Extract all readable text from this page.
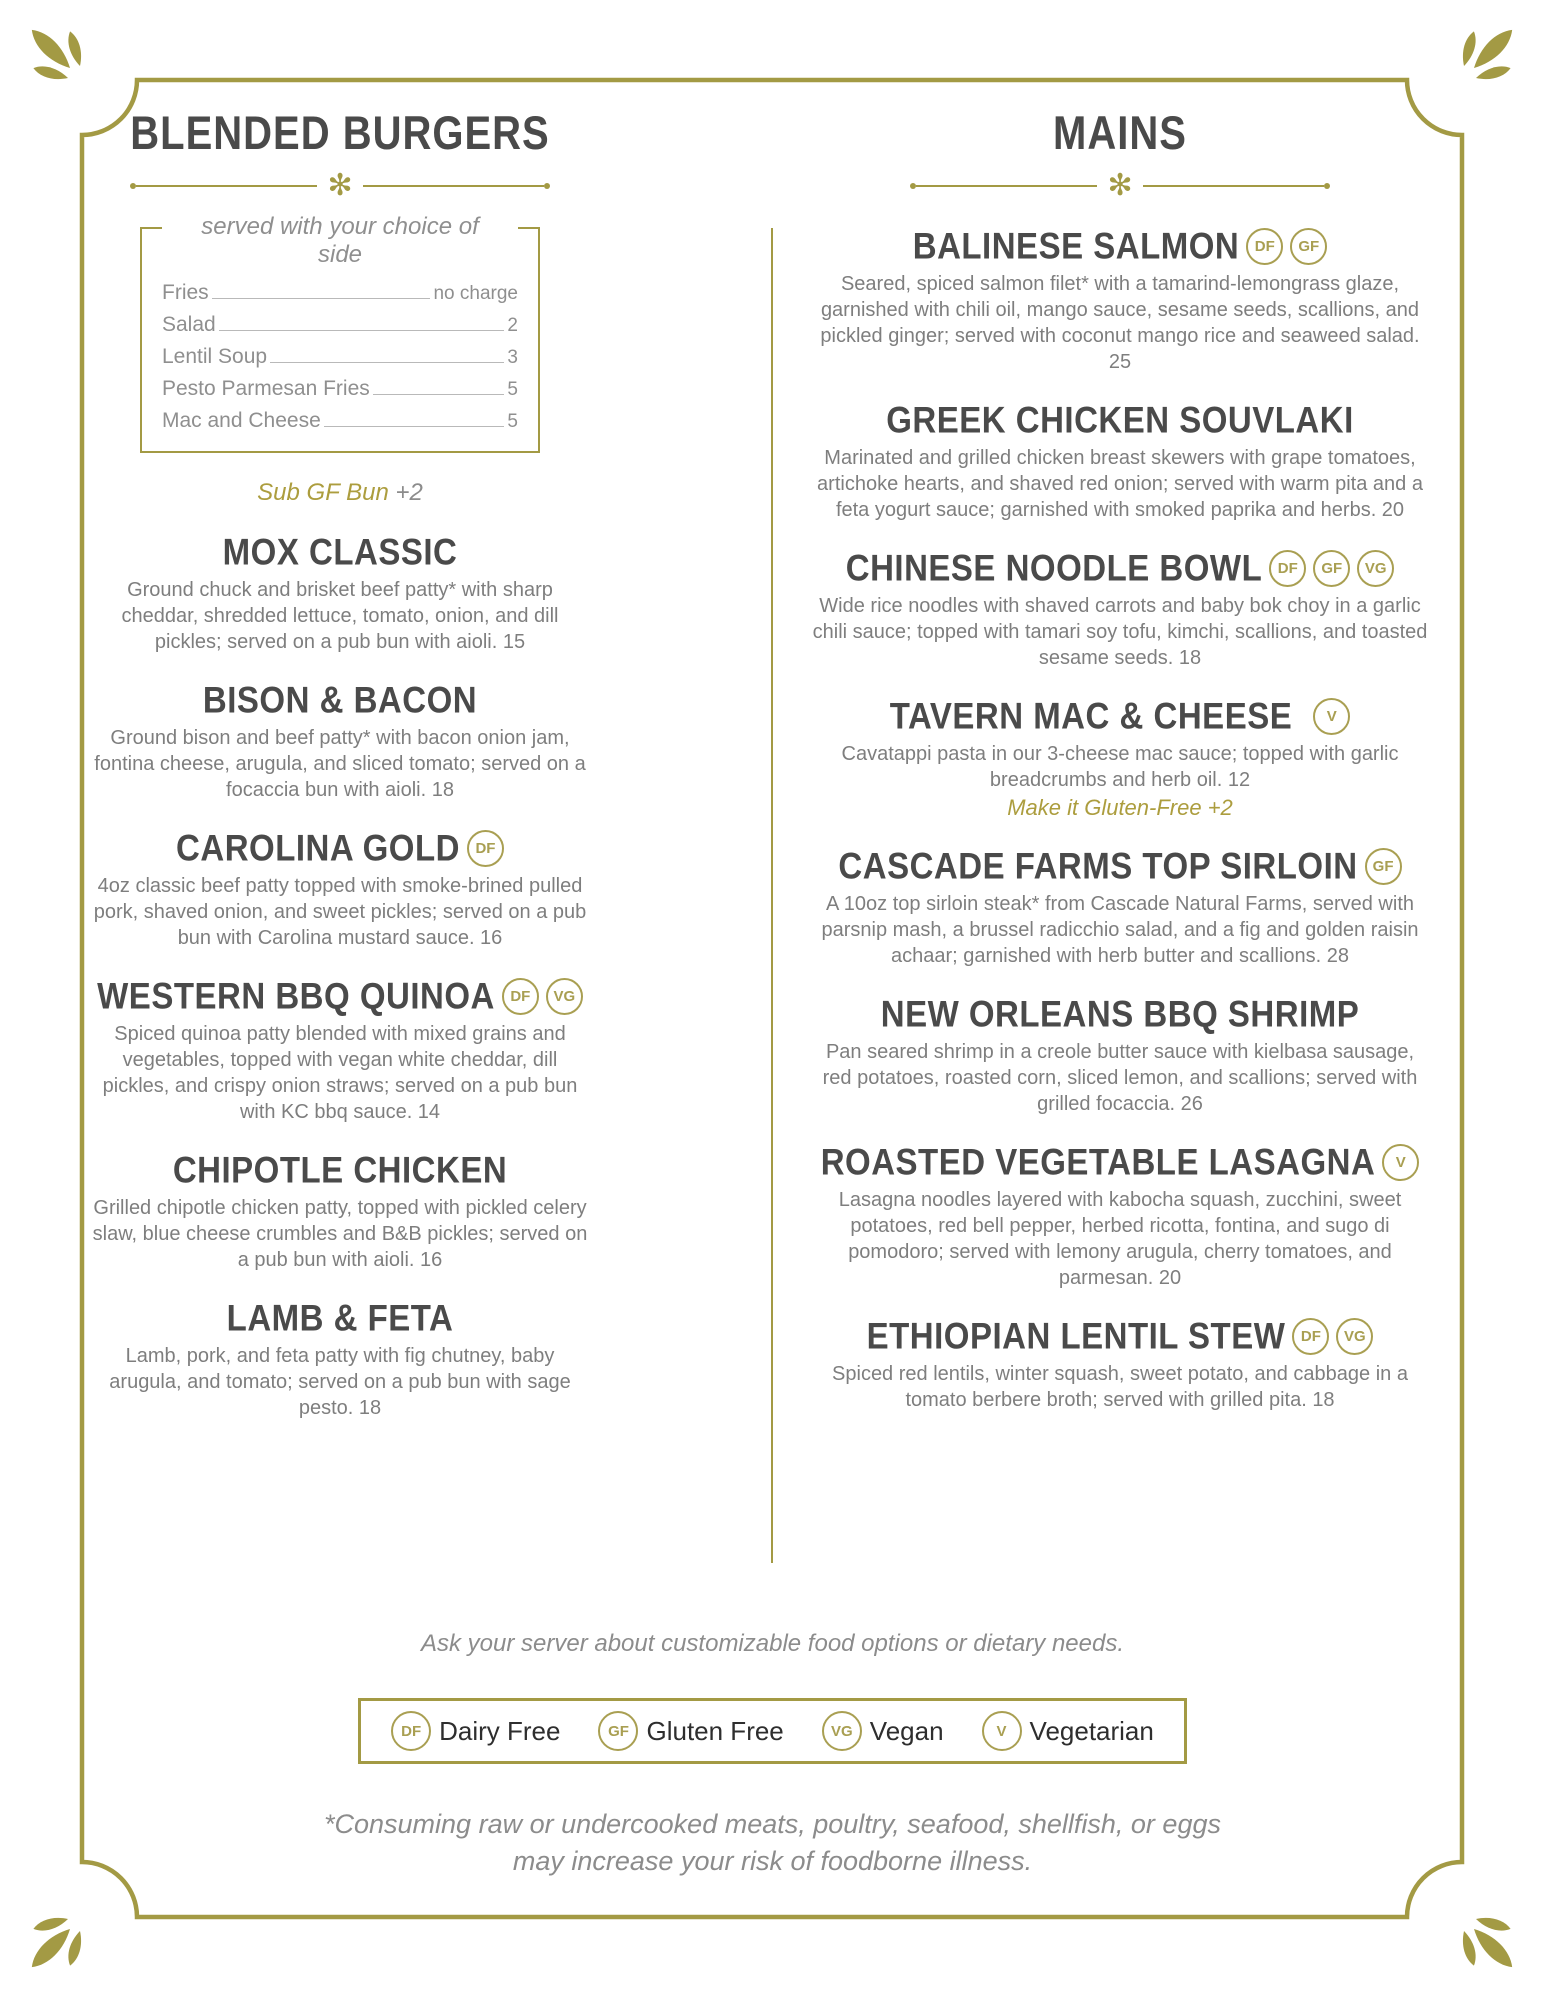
BLENDED BURGERS
✻
served with your choice of side
Fries	no charge
Salad	2
Lentil Soup	3
Pesto Parmesan Fries	5
Mac and Cheese	5
Sub GF Bun +2
MOX CLASSIC

Ground chuck and brisket beef patty* with sharp cheddar, shredded lettuce, tomato, onion, and dill pickles; served on a pub bun with aioli. 15

BISON & BACON

Ground bison and beef patty* with bacon onion jam, fontina cheese, arugula, and sliced tomato; served on a focaccia bun with aioli. 18

CAROLINA GOLD	DF

4oz classic beef patty topped with smoke-brined pulled pork, shaved onion, and sweet pickles; served on a pub bun with Carolina mustard sauce. 16

WESTERN BBQ QUINOA	DF	VG

Spiced quinoa patty blended with mixed grains and vegetables, topped with vegan white cheddar, dill pickles, and crispy onion straws; served on a pub bun with KC bbq sauce. 14

CHIPOTLE CHICKEN

Grilled chipotle chicken patty, topped with pickled celery slaw, blue cheese crumbles and B&B pickles; served on a pub bun with aioli. 16

LAMB & FETA

Lamb, pork, and feta patty with fig chutney, baby arugula, and tomato; served on a pub bun with sage pesto. 18

MAINS
✻
BALINESE SALMON	DF	GF

Seared, spiced salmon filet* with a tamarind-lemongrass glaze, garnished with chili oil, mango sauce, sesame seeds, scallions, and pickled ginger; served with coconut mango rice and seaweed salad. 25

GREEK CHICKEN SOUVLAKI

Marinated and grilled chicken breast skewers with grape tomatoes, artichoke hearts, and shaved red onion; served with warm pita and a feta yogurt sauce; garnished with smoked paprika and herbs. 20

CHINESE NOODLE BOWL	DF	GF	VG

Wide rice noodles with shaved carrots and baby bok choy in a garlic chili sauce; topped with tamari soy tofu, kimchi, scallions, and toasted sesame seeds. 18

TAVERN MAC & CHEESE	V

Cavatappi pasta in our 3-cheese mac sauce; topped with garlic breadcrumbs and herb oil. 12

Make it Gluten-Free +2

CASCADE FARMS TOP SIRLOIN	GF

A 10oz top sirloin steak* from Cascade Natural Farms, served with parsnip mash, a brussel radicchio salad, and a fig and golden raisin achaar; garnished with herb butter and scallions. 28

NEW ORLEANS BBQ SHRIMP

Pan seared shrimp in a creole butter sauce with kielbasa sausage, red potatoes, roasted corn, sliced lemon, and scallions; served with grilled focaccia. 26

ROASTED VEGETABLE LASAGNA	V

Lasagna noodles layered with kabocha squash, zucchini, sweet potatoes, red bell pepper, herbed ricotta, fontina, and sugo di pomodoro; served with lemony arugula, cherry tomatoes, and parmesan. 20

ETHIOPIAN LENTIL STEW	DF	VG

Spiced red lentils, winter squash, sweet potato, and cabbage in a tomato berbere broth; served with grilled pita. 18

Ask your server about customizable food options or dietary needs.
DF Dairy Free	GF Gluten Free	VG Vegan	V Vegetarian
*Consuming raw or undercooked meats, poultry, seafood, shellfish, or eggs
may increase your risk of foodborne illness.
